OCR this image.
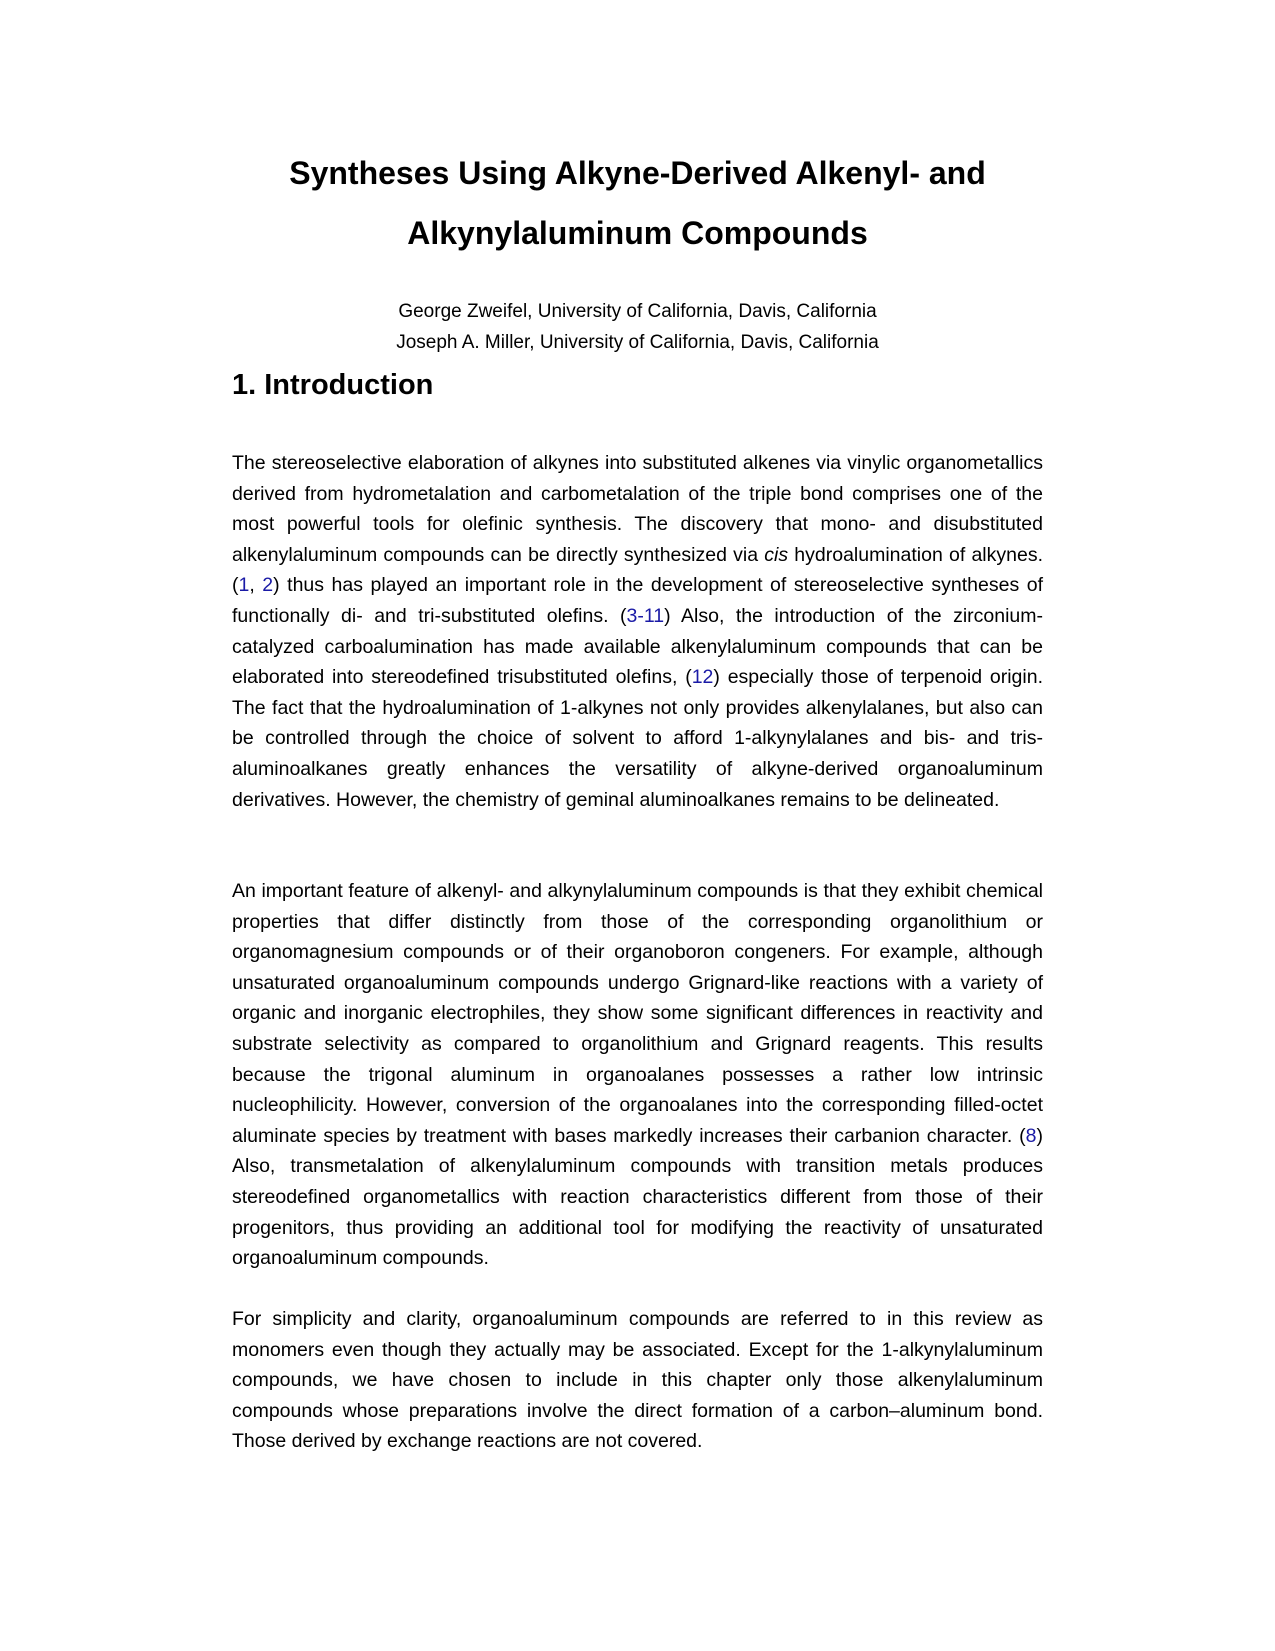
Syntheses Using Alkyne-Derived Alkenyl- and
Alkynylaluminum Compounds
George Zweifel, University of California, Davis, California
Joseph A. Miller, University of California, Davis, California
1. Introduction

The stereoselective elaboration of alkynes into substituted alkenes via vinylic organometallics derived from hydrometalation and carbometalation of the triple bond comprises one of the most powerful tools for olefinic synthesis. The discovery that mono- and disubstituted alkenylaluminum compounds can be directly synthesized via cis hydroalumination of alkynes. (1, 2) thus has played an important role in the development of stereoselective syntheses of functionally di- and tri-substituted olefins. (3-11) Also, the introduction of the zirconium-catalyzed carboalumination has made available alkenylaluminum compounds that can be elaborated into stereodefined trisubstituted olefins, (12) especially those of terpenoid origin. The fact that the hydroalumination of 1-alkynes not only provides alkenylalanes, but also can be controlled through the choice of solvent to afford 1-alkynylalanes and bis- and tris-aluminoalkanes greatly enhances the versatility of alkyne-derived organoaluminum derivatives. However, the chemistry of geminal aluminoalkanes remains to be delineated.

An important feature of alkenyl- and alkynylaluminum compounds is that they exhibit chemical properties that differ distinctly from those of the corresponding organolithium or organomagnesium compounds or of their organoboron congeners. For example, although unsaturated organoaluminum compounds undergo Grignard-like reactions with a variety of organic and inorganic electrophiles, they show some significant differences in reactivity and substrate selectivity as compared to organolithium and Grignard reagents. This results because the trigonal aluminum in organoalanes possesses a rather low intrinsic nucleophilicity. However, conversion of the organoalanes into the corresponding filled-octet aluminate species by treatment with bases markedly increases their carbanion character. (8) Also, transmetalation of alkenylaluminum compounds with transition metals produces stereodefined organometallics with reaction characteristics different from those of their progenitors, thus providing an additional tool for modifying the reactivity of unsaturated organoaluminum compounds.

For simplicity and clarity, organoaluminum compounds are referred to in this review as monomers even though they actually may be associated. Except for the 1-alkynylaluminum compounds, we have chosen to include in this chapter only those alkenylaluminum compounds whose preparations involve the direct formation of a carbon–aluminum bond. Those derived by exchange reactions are not covered.
